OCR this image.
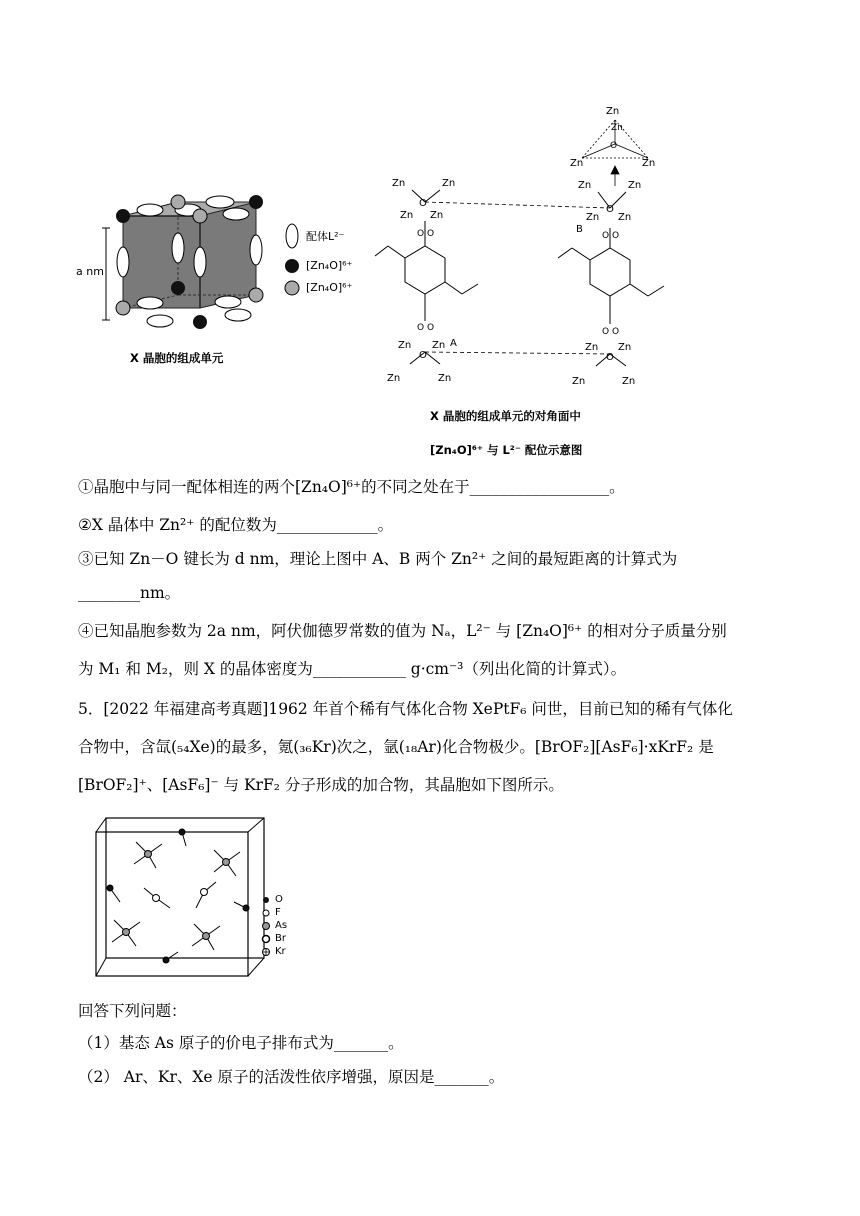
a nm
配体L²⁻
[Zn₄O]⁶⁺
[Zn₄O]⁶⁺
X 晶胞的组成单元
Zn
Zn
O
Zn	Zn
Zn	Zn
O
Zn Zn
O O
O O
Zn Zn
O
A
Zn	Zn
Zn	Zn
O
Zn Zn
B
O O
O O
Zn Zn
O
Zn	Zn
X 晶胞的组成单元的对角面中
[Zn₄O]⁶⁺ 与 L²⁻ 配位示意图
①晶胞中与同一配体相连的两个[Zn₄O]⁶⁺的不同之处在于__________________。
②X 晶体中 Zn²⁺ 的配位数为_____________。
③已知 Zn－O 键长为 d nm，理论上图中 A、B 两个 Zn²⁺ 之间的最短距离的计算式为
________nm。
④已知晶胞参数为 2a nm，阿伏伽德罗常数的值为 Nₐ，L²⁻ 与 [Zn₄O]⁶⁺ 的相对分子质量分别
为 M₁ 和 M₂，则 X 的晶体密度为____________ g·cm⁻³（列出化简的计算式）。
5．[2022 年福建高考真题]1962 年首个稀有气体化合物 XePtF₆ 问世，目前已知的稀有气体化
合物中，含氙(₅₄Xe)的最多，氪(₃₆Kr)次之，氩(₁₈Ar)化合物极少。[BrOF₂][AsF₆]·xKrF₂ 是
[BrOF₂]⁺、[AsF₆]⁻ 与 KrF₂ 分子形成的加合物，其晶胞如下图所示。
O
F
As
Br
Kr
回答下列问题：
（1）基态 As 原子的价电子排布式为_______。
（2） Ar、Kr、Xe 原子的活泼性依序增强，原因是_______。
